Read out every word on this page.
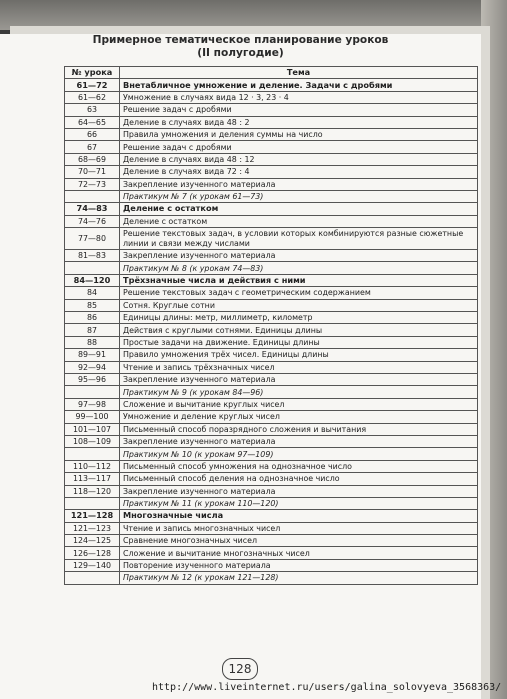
Примерное тематическое планирование уроков
(II полугодие)
№ урока	Тема
61—72	Внетабличное умножение и деление. Задачи с дробями
61—62	Умножение в случаях вида 12 · 3, 23 · 4
63	Решение задач с дробями
64—65	Деление в случаях вида 48 : 2
66	Правила умножения и деления суммы на число
67	Решение задач с дробями
68—69	Деление в случаях вида 48 : 12
70—71	Деление в случаях вида 72 : 4
72—73	Закрепление изученного материала
	Практикум № 7 (к урокам 61—73)
74—83	Деление с остатком
74—76	Деление с остатком
77—80	Решение текстовых задач, в условии которых комбинируются разные сюжетные линии и связи между числами
81—83	Закрепление изученного материала
	Практикум № 8 (к урокам 74—83)
84—120	Трёхзначные числа и действия с ними
84	Решение текстовых задач с геометрическим содержанием
85	Сотня. Круглые сотни
86	Единицы длины: метр, миллиметр, километр
87	Действия с круглыми сотнями. Единицы длины
88	Простые задачи на движение. Единицы длины
89—91	Правило умножения трёх чисел. Единицы длины
92—94	Чтение и запись трёхзначных чисел
95—96	Закрепление изученного материала
	Практикум № 9 (к урокам 84—96)
97—98	Сложение и вычитание круглых чисел
99—100	Умножение и деление круглых чисел
101—107	Письменный способ поразрядного сложения и вычитания
108—109	Закрепление изученного материала
	Практикум № 10 (к урокам 97—109)
110—112	Письменный способ умножения на однозначное число
113—117	Письменный способ деления на однозначное число
118—120	Закрепление изученного материала
	Практикум № 11 (к урокам 110—120)
121—128	Многозначные числа
121—123	Чтение и запись многозначных чисел
124—125	Сравнение многозначных чисел
126—128	Сложение и вычитание многозначных чисел
129—140	Повторение изученного материала
	Практикум № 12 (к урокам 121—128)
128
http://www.liveinternet.ru/users/galina_solovyeva_3568363/
